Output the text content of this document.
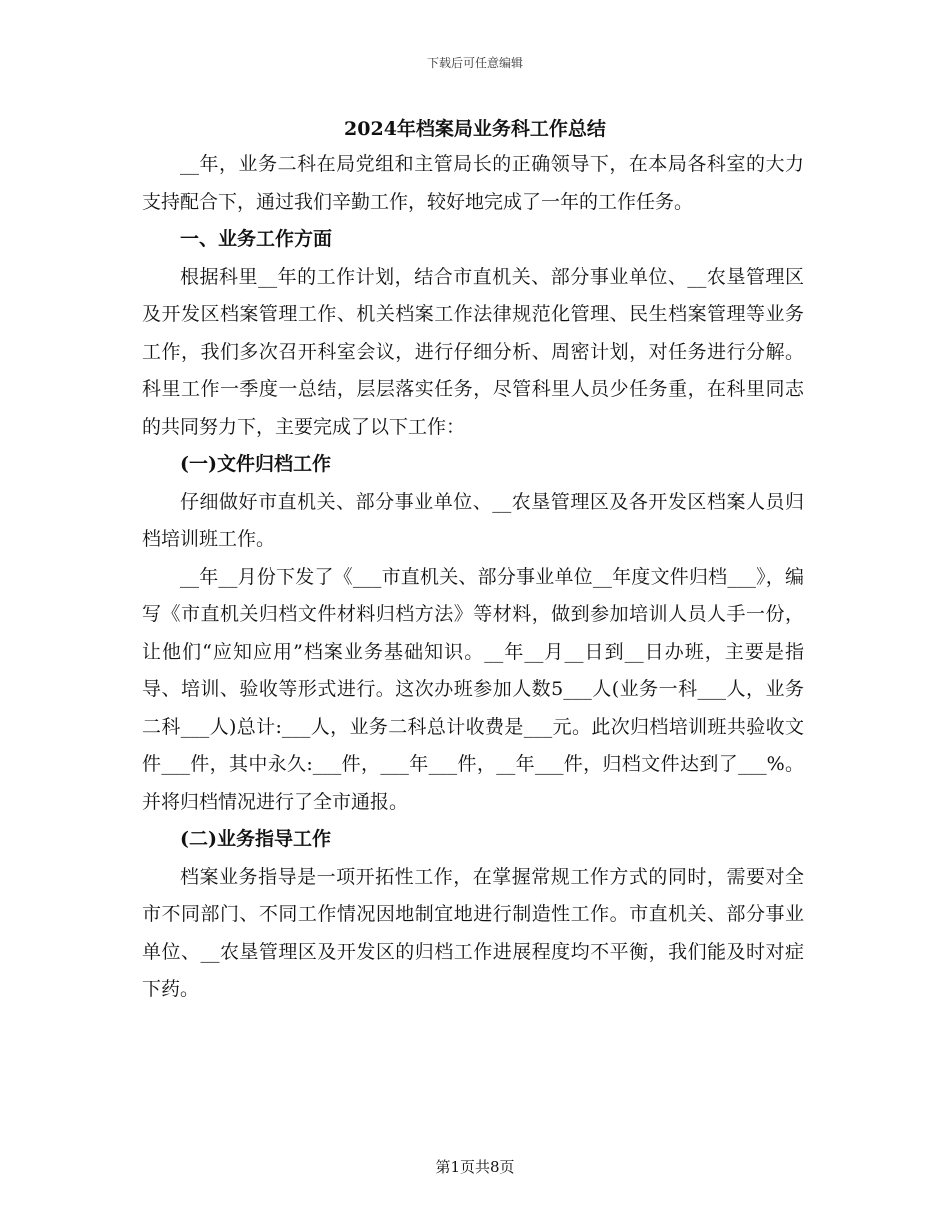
下载后可任意编辑
2024年档案局业务科工作总结

__年，业务二科在局党组和主管局长的正确领导下，在本局各科室的大力支持配合下，通过我们辛勤工作，较好地完成了一年的工作任务。

一、业务工作方面

根据科里__年的工作计划，结合市直机关、部分事业单位、__农垦管理区及开发区档案管理工作、机关档案工作法律规范化管理、民生档案管理等业务工作，我们多次召开科室会议，进行仔细分析、周密计划，对任务进行分解。科里工作一季度一总结，层层落实任务，尽管科里人员少任务重，在科里同志的共同努力下，主要完成了以下工作：

(一)文件归档工作

仔细做好市直机关、部分事业单位、__农垦管理区及各开发区档案人员归档培训班工作。

__年__月份下发了《___市直机关、部分事业单位__年度文件归档___》，编写《市直机关归档文件材料归档方法》等材料，做到参加培训人员人手一份，让他们“应知应用”档案业务基础知识。__年__月__日到__日办班，主要是指导、培训、验收等形式进行。这次办班参加人数5___人(业务一科___人，业务二科___人)总计:___人，业务二科总计收费是___元。此次归档培训班共验收文件___件，其中永久:___件，___年___件，__年___件，归档文件达到了___%。并将归档情况进行了全市通报。

(二)业务指导工作

档案业务指导是一项开拓性工作，在掌握常规工作方式的同时，需要对全市不同部门、不同工作情况因地制宜地进行制造性工作。市直机关、部分事业单位、__农垦管理区及开发区的归档工作进展程度均不平衡，我们能及时对症下药。

第1页共8页
